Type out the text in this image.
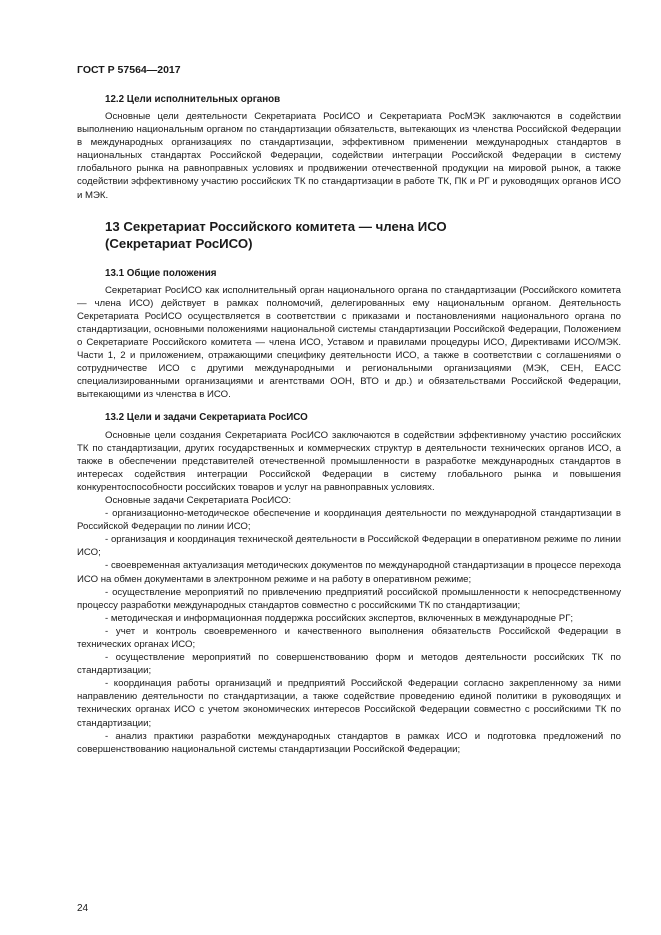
ГОСТ Р 57564—2017
12.2 Цели исполнительных органов

Основные цели деятельности Секретариата РосИСО и Секретариата РосМЭК заключаются в содействии выполнению национальным органом по стандартизации обязательств, вытекающих из членства Российской Федерации в международных организациях по стандартизации, эффективном применении международных стандартов в национальных стандартах Российской Федерации, содействии интеграции Российской Федерации в систему глобального рынка на равноправных условиях и продвижении отечественной продукции на мировой рынок, а также содействии эффективному участию российских ТК по стандартизации в работе ТК, ПК и РГ и руководящих органов ИСО и МЭК.

13 Секретариат Российского комитета — члена ИСО
(Секретариат РосИСО)
13.1 Общие положения

Секретариат РосИСО как исполнительный орган национального органа по стандартизации (Российского комитета — члена ИСО) действует в рамках полномочий, делегированных ему национальным органом. Деятельность Секретариата РосИСО осуществляется в соответствии с приказами и постановлениями национального органа по стандартизации, основными положениями национальной системы стандартизации Российской Федерации, Положением о Секретариате Российского комитета — члена ИСО, Уставом и правилами процедуры ИСО, Директивами ИСО/МЭК. Части 1, 2 и приложением, отражающими специфику деятельности ИСО, а также в соответствии с соглашениями о сотрудничестве ИСО с другими международными и региональными организациями (МЭК, СЕН, ЕАСС специализированными организациями и агентствами ООН, ВТО и др.) и обязательствами Российской Федерации, вытекающими из членства в ИСО.

13.2 Цели и задачи Секретариата РосИСО

Основные цели создания Секретариата РосИСО заключаются в содействии эффективному участию российских ТК по стандартизации, других государственных и коммерческих структур в деятельности технических органов ИСО, а также в обеспечении представителей отечественной промышленности в разработке международных стандартов в интересах содействия интеграции Российской Федерации в систему глобального рынка и повышения конкурентоспособности российских товаров и услуг на равноправных условиях.

Основные задачи Секретариата РосИСО:

- организационно-методическое обеспечение и координация деятельности по международной стандартизации в Российской Федерации по линии ИСО;

- организация и координация технической деятельности в Российской Федерации в оперативном режиме по линии ИСО;

- своевременная актуализация методических документов по международной стандартизации в процессе перехода ИСО на обмен документами в электронном режиме и на работу в оперативном режиме;

- осуществление мероприятий по привлечению предприятий российской промышленности к непосредственному процессу разработки международных стандартов совместно с российскими ТК по стандартизации;

- методическая и информационная поддержка российских экспертов, включенных в международные РГ;

- учет и контроль своевременного и качественного выполнения обязательств Российской Федерации в технических органах ИСО;

- осуществление мероприятий по совершенствованию форм и методов деятельности российских ТК по стандартизации;

- координация работы организаций и предприятий Российской Федерации согласно закрепленному за ними направлению деятельности по стандартизации, а также содействие проведению единой политики в руководящих и технических органах ИСО с учетом экономических интересов Российской Федерации совместно с российскими ТК по стандартизации;

- анализ практики разработки международных стандартов в рамках ИСО и подготовка предложений по совершенствованию национальной системы стандартизации Российской Федерации;

24
